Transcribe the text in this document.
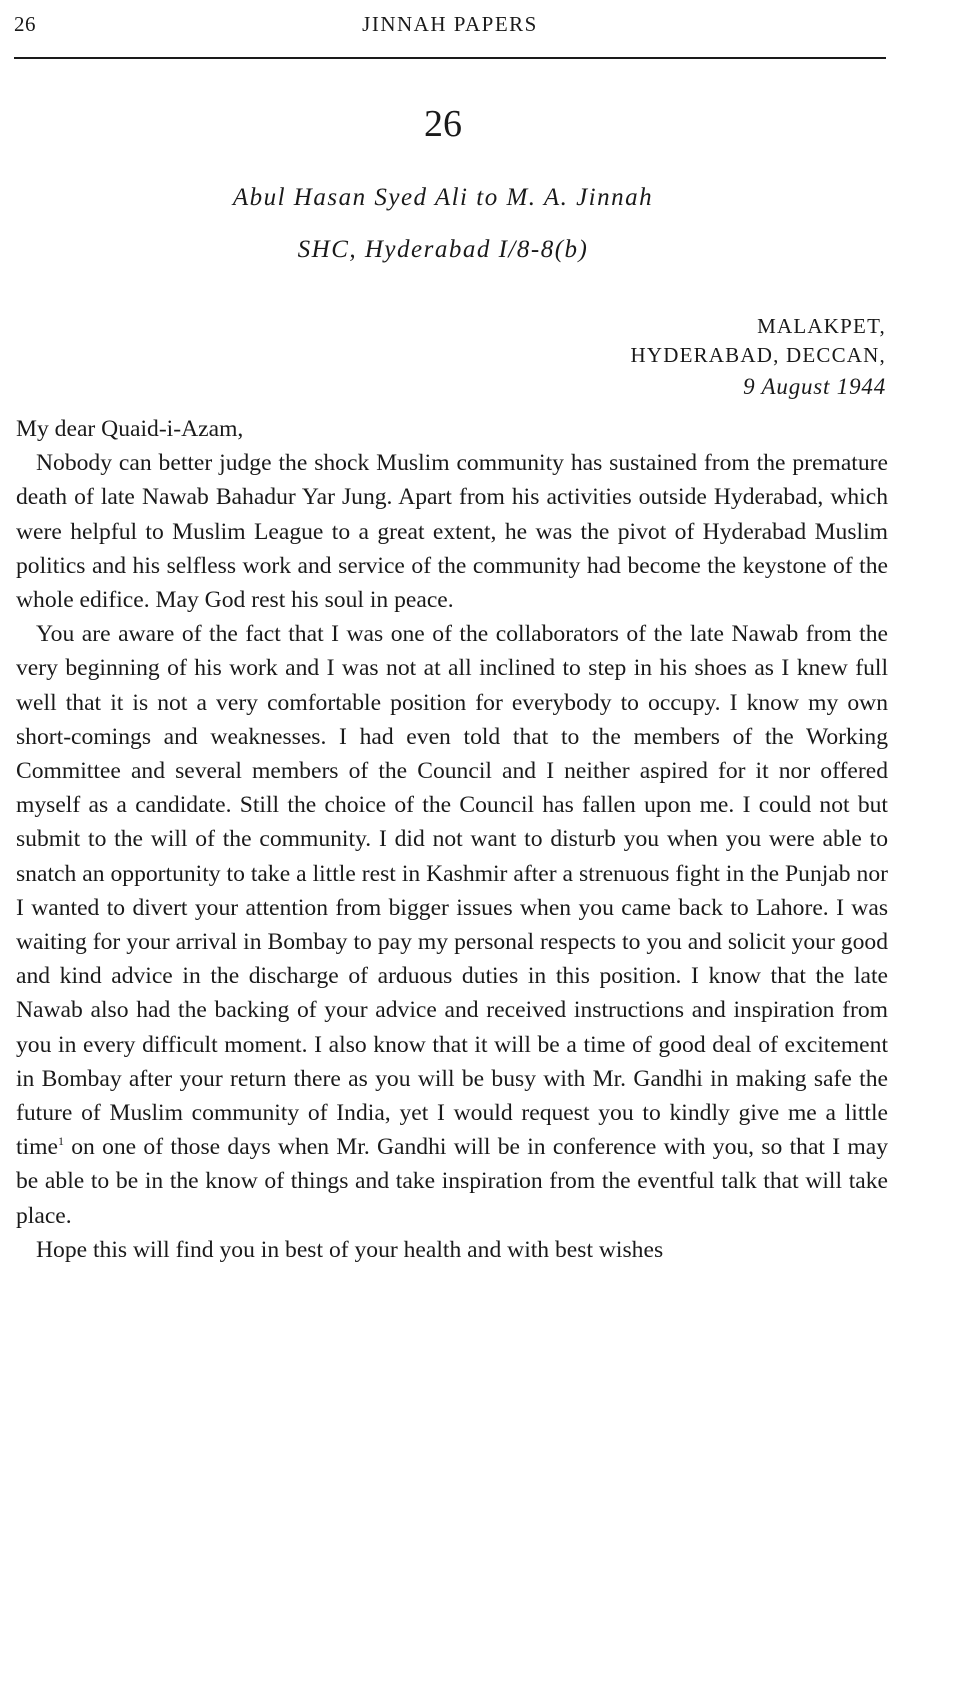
26	JINNAH PAPERS
26
Abul Hasan Syed Ali to M. A. Jinnah
SHC, Hyderabad I/8-8(b)
MALAKPET,
HYDERABAD, DECCAN,
9 August 1944

My dear Quaid-i-Azam,

Nobody can better judge the shock Muslim community has sustained from the premature death of late Nawab Bahadur Yar Jung. Apart from his activities outside Hyderabad, which were helpful to Muslim League to a great extent, he was the pivot of Hyderabad Muslim politics and his selfless work and service of the community had become the keystone of the whole edifice. May God rest his soul in peace.

You are aware of the fact that I was one of the collaborators of the late Nawab from the very beginning of his work and I was not at all inclined to step in his shoes as I knew full well that it is not a very comfortable position for everybody to occupy. I know my own short-comings and weaknesses. I had even told that to the members of the Working Committee and several members of the Council and I neither aspired for it nor offered myself as a candidate. Still the choice of the Council has fallen upon me. I could not but submit to the will of the community. I did not want to disturb you when you were able to snatch an opportunity to take a little rest in Kashmir after a strenuous fight in the Punjab nor I wanted to divert your attention from bigger issues when you came back to Lahore. I was waiting for your arrival in Bombay to pay my personal respects to you and solicit your good and kind advice in the discharge of arduous duties in this position. I know that the late Nawab also had the backing of your advice and received instructions and inspiration from you in every difficult moment. I also know that it will be a time of good deal of excitement in Bombay after your return there as you will be busy with Mr. Gandhi in making safe the future of Muslim community of India, yet I would request you to kindly give me a little time$^1$ on one of those days when Mr. Gandhi will be in conference with you, so that I may be able to be in the know of things and take inspiration from the eventful talk that will take place.

Hope this will find you in best of your health and with best wishes
